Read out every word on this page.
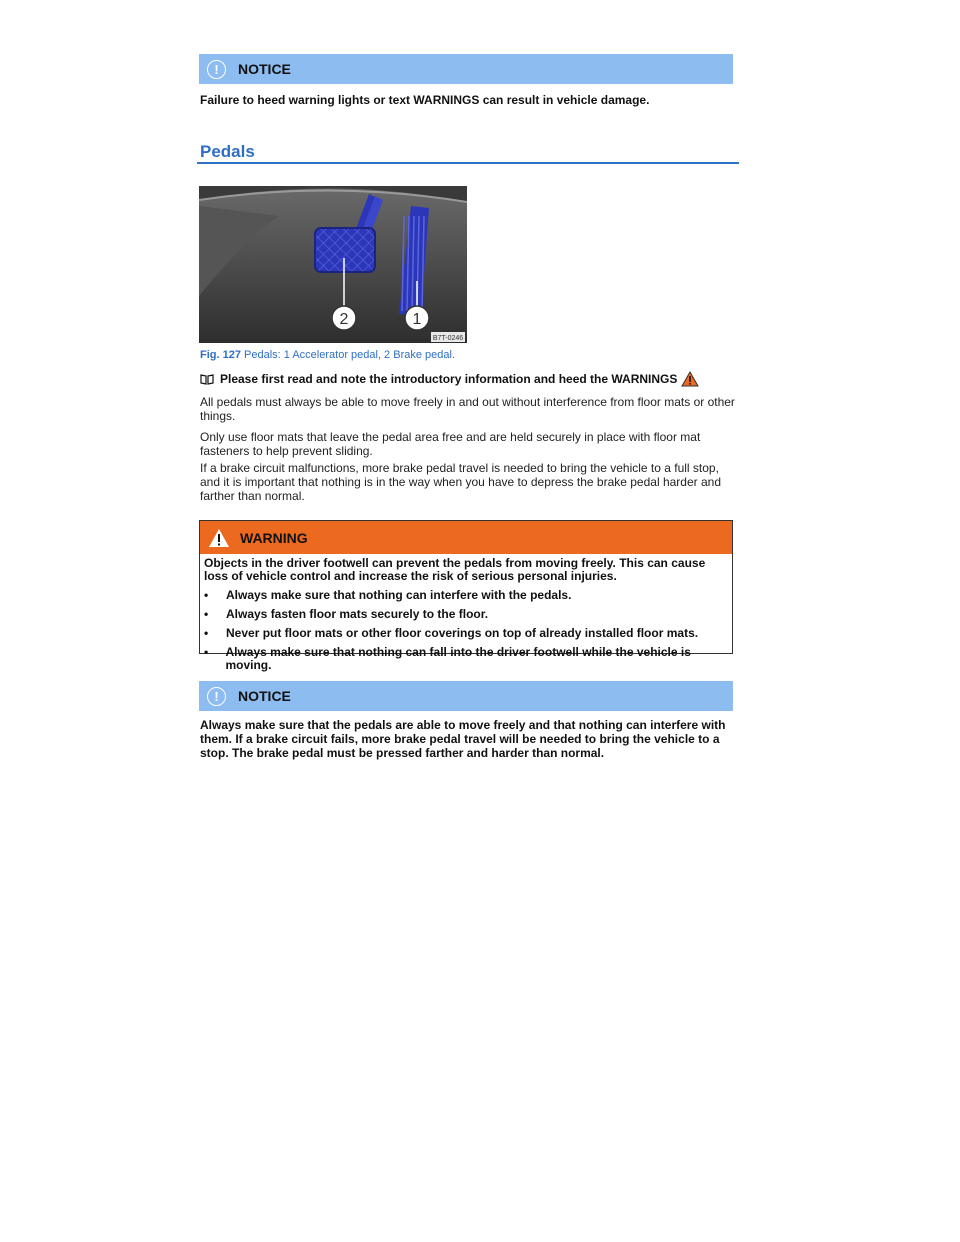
!	NOTICE
Failure to heed warning lights or text WARNINGS can result in vehicle damage.
Pedals
2	1
B7T-0246
Fig. 127 Pedals: 1 Accelerator pedal, 2 Brake pedal.
Please first read and note the introductory information and heed the WARNINGS
All pedals must always be able to move freely in and out without interference from floor mats or other things.
Only use floor mats that leave the pedal area free and are held securely in place with floor mat fasteners to help prevent sliding.
If a brake circuit malfunctions, more brake pedal travel is needed to bring the vehicle to a full stop, and it is important that nothing is in the way when you have to depress the brake pedal harder and farther than normal.
WARNING
Objects in the driver footwell can prevent the pedals from moving freely. This can cause loss of vehicle control and increase the risk of serious personal injuries.
•	Always make sure that nothing can interfere with the pedals.
•	Always fasten floor mats securely to the floor.
•	Never put floor mats or other floor coverings on top of already installed floor mats.
•	Always make sure that nothing can fall into the driver footwell while the vehicle is moving.
!	NOTICE
Always make sure that the pedals are able to move freely and that nothing can interfere with them. If a brake circuit fails, more brake pedal travel will be needed to bring the vehicle to a stop. The brake pedal must be pressed farther and harder than normal.
